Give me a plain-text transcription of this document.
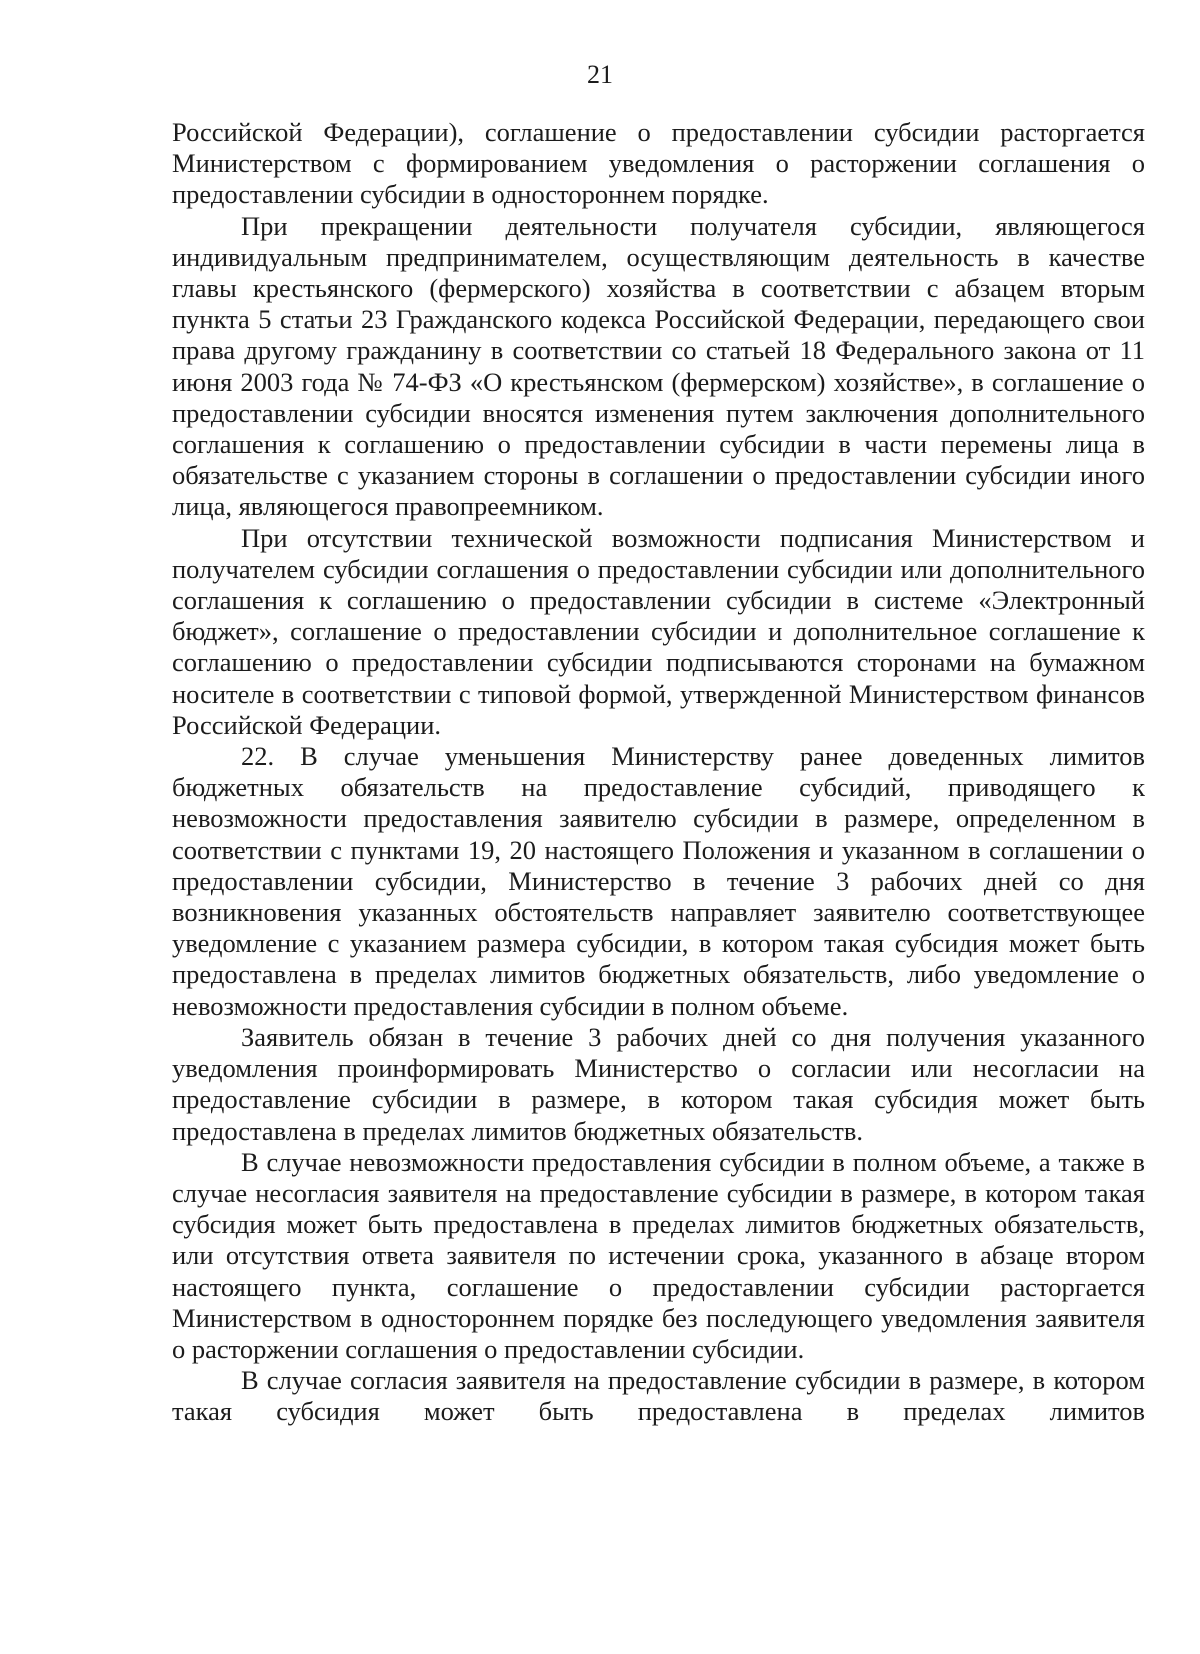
21

Российской Федерации), соглашение о предоставлении субсидии расторгается Министерством с формированием уведомления о расторжении соглашения о предоставлении субсидии в одностороннем порядке.

При прекращении деятельности получателя субсидии, являющегося индивидуальным предпринимателем, осуществляющим деятельность в качестве главы крестьянского (фермерского) хозяйства в соответствии с абзацем вторым пункта 5 статьи 23 Гражданского кодекса Российской Федерации, передающего свои права другому гражданину в соответствии со статьей 18 Федерального закона от 11 июня 2003 года № 74-ФЗ «О крестьянском (фермерском) хозяйстве», в соглашение о предоставлении субсидии вносятся изменения путем заключения дополнительного соглашения к соглашению о предоставлении субсидии в части перемены лица в обязательстве с указанием стороны в соглашении о предоставлении субсидии иного лица, являющегося правопреемником.

При отсутствии технической возможности подписания Министерством и получателем субсидии соглашения о предоставлении субсидии или дополнительного соглашения к соглашению о предоставлении субсидии в системе «Электронный бюджет», соглашение о предоставлении субсидии и дополнительное соглашение к соглашению о предоставлении субсидии подписываются сторонами на бумажном носителе в соответствии с типовой формой, утвержденной Министерством финансов Российской Федерации.

22. В случае уменьшения Министерству ранее доведенных лимитов бюджетных обязательств на предоставление субсидий, приводящего к невозможности предоставления заявителю субсидии в размере, определенном в соответствии с пунктами 19, 20 настоящего Положения и указанном в соглашении о предоставлении субсидии, Министерство в течение 3 рабочих дней со дня возникновения указанных обстоятельств направляет заявителю соответствующее уведомление с указанием размера субсидии, в котором такая субсидия может быть предоставлена в пределах лимитов бюджетных обязательств, либо уведомление о невозможности предоставления субсидии в полном объеме.

Заявитель обязан в течение 3 рабочих дней со дня получения указанного уведомления проинформировать Министерство о согласии или несогласии на предоставление субсидии в размере, в котором такая субсидия может быть предоставлена в пределах лимитов бюджетных обязательств.

В случае невозможности предоставления субсидии в полном объеме, а также в случае несогласия заявителя на предоставление субсидии в размере, в котором такая субсидия может быть предоставлена в пределах лимитов бюджетных обязательств, или отсутствия ответа заявителя по истечении срока, указанного в абзаце втором настоящего пункта, соглашение о предоставлении субсидии расторгается Министерством в одностороннем порядке без последующего уведомления заявителя о расторжении соглашения о предоставлении субсидии.

В случае согласия заявителя на предоставление субсидии в размере, в котором такая субсидия может быть предоставлена в пределах лимитов
